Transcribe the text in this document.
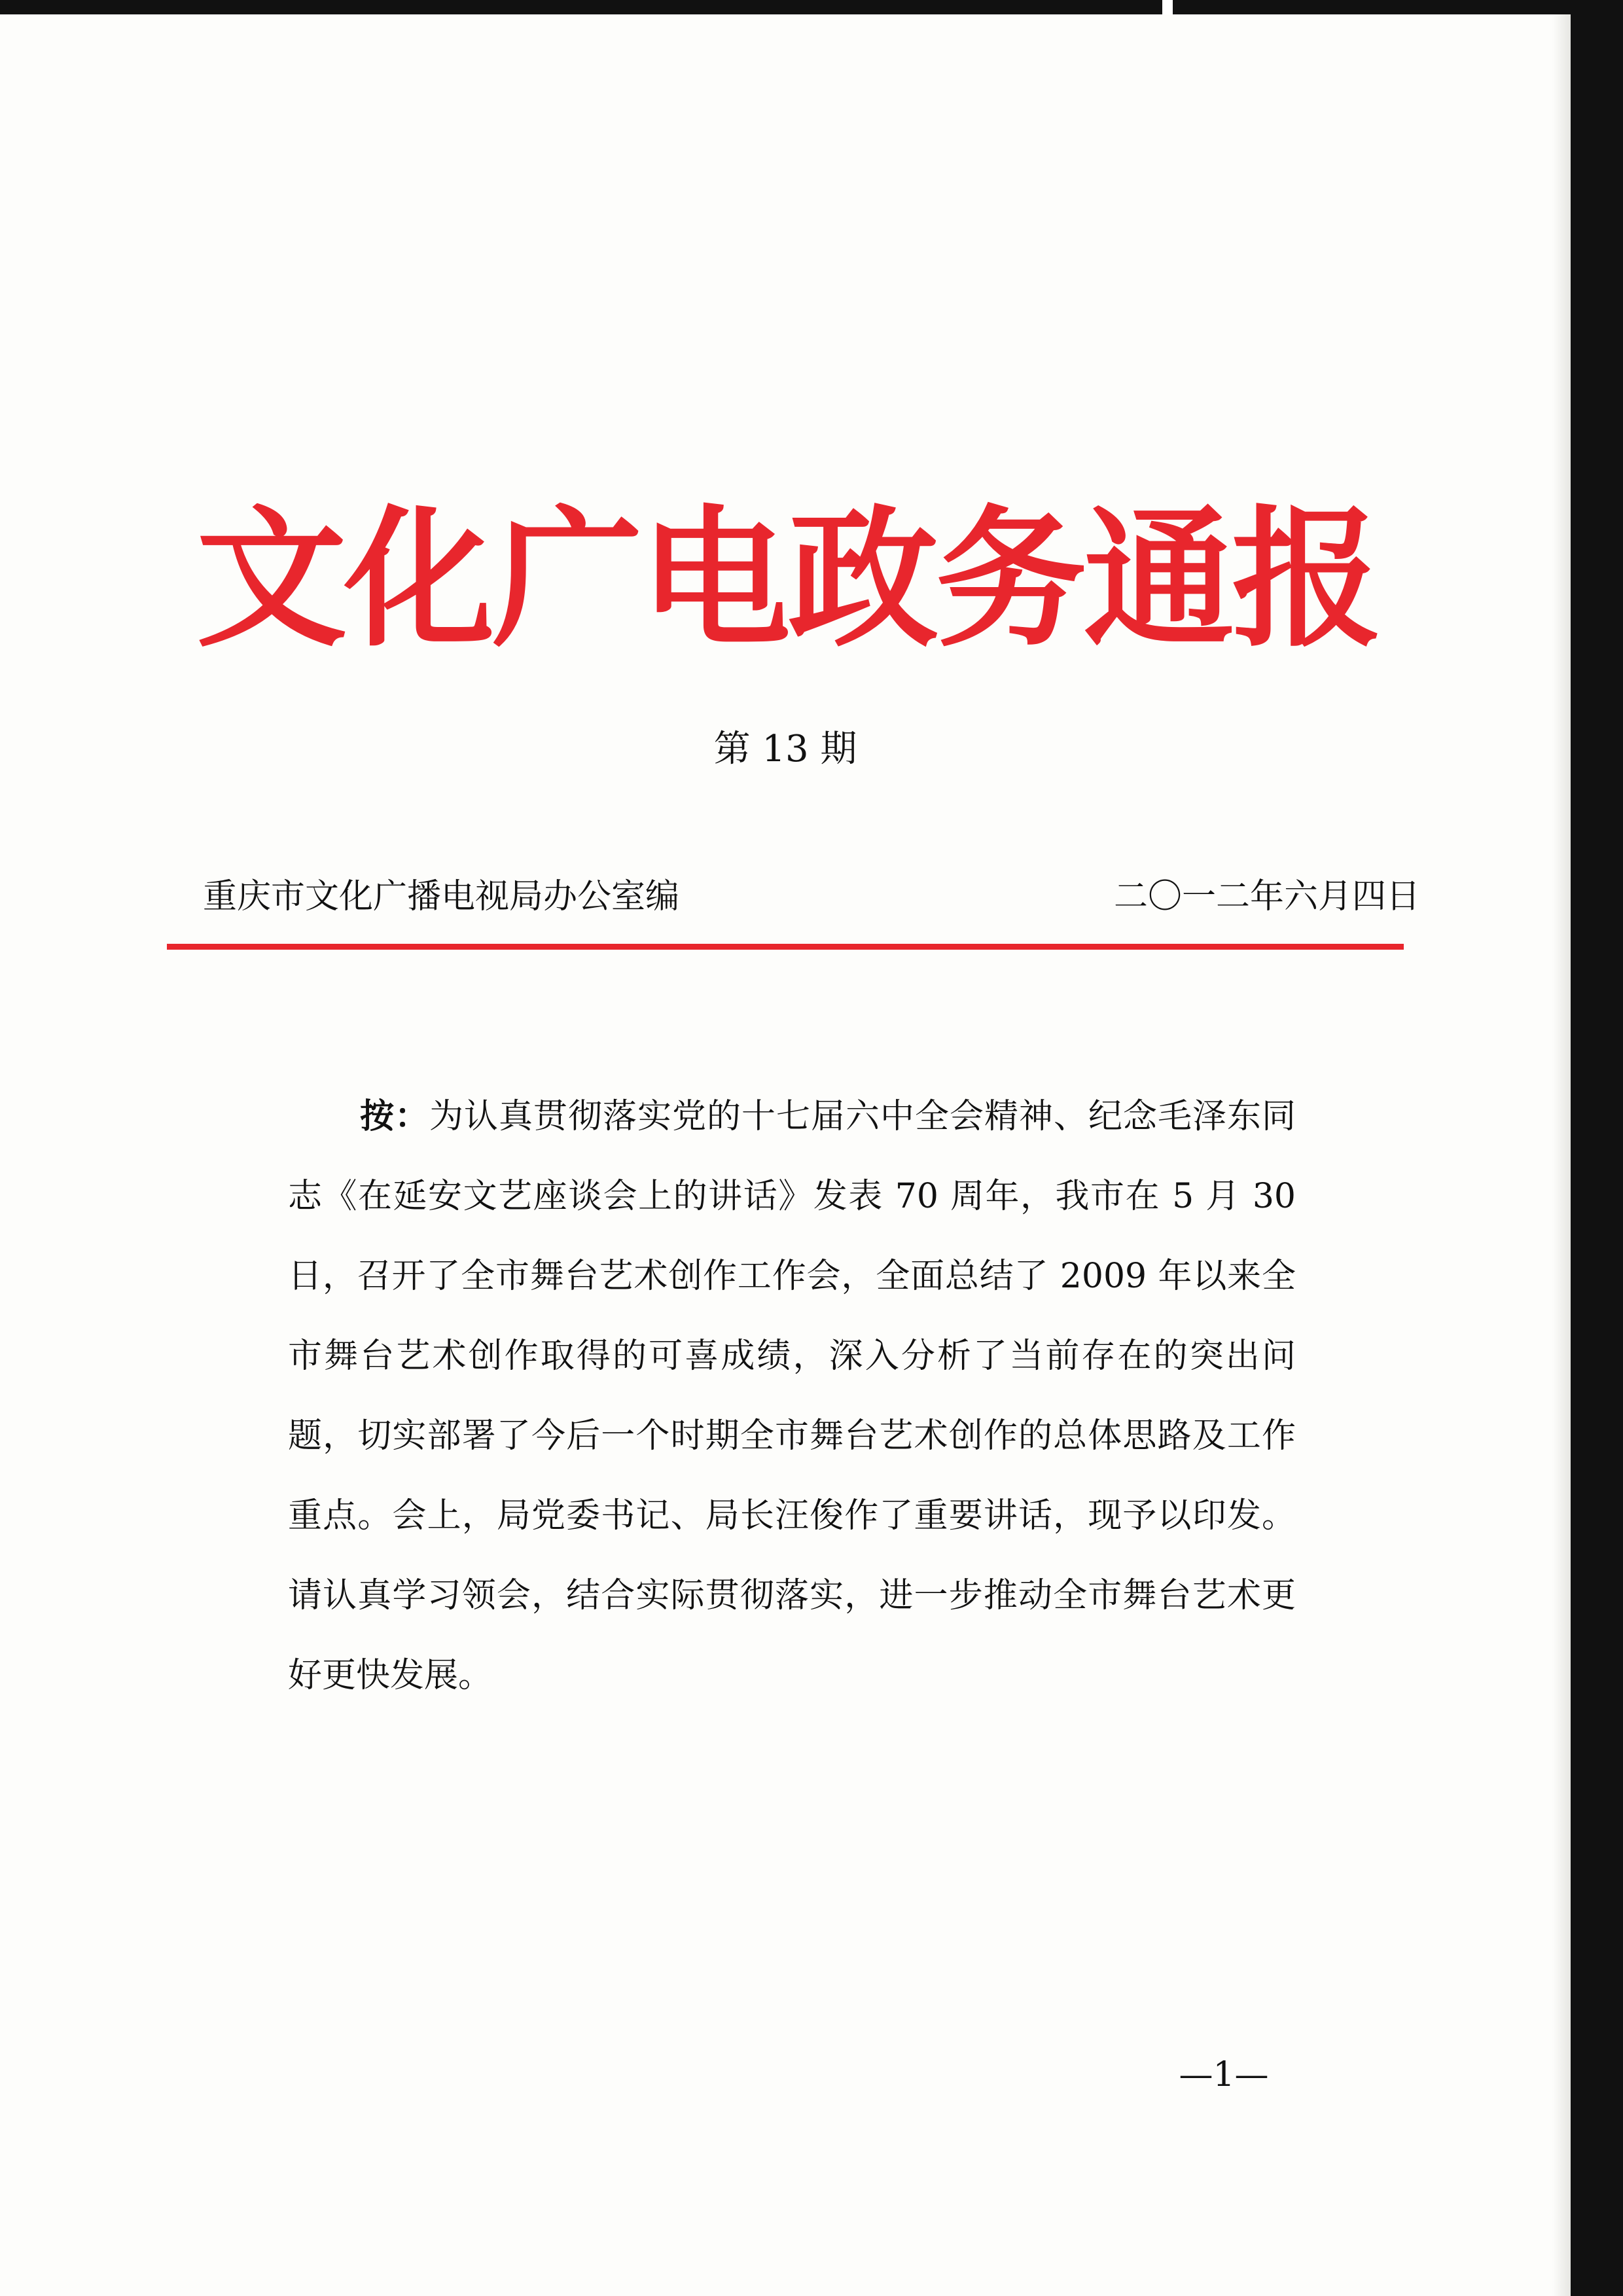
文化广电政务通报
第 13 期
重庆市文化广播电视局办公室编	二〇一二年六月四日
按：为认真贯彻落实党的十七届六中全会精神、纪念毛泽东同志《在延安文艺座谈会上的讲话》发表 70 周年，我市在 5 月 30 日，召开了全市舞台艺术创作工作会，全面总结了 2009 年以来全市舞台艺术创作取得的可喜成绩，深入分析了当前存在的突出问题，切实部署了今后一个时期全市舞台艺术创作的总体思路及工作重点。会上，局党委书记、局长汪俊作了重要讲话，现予以印发。请认真学习领会，结合实际贯彻落实，进一步推动全市舞台艺术更好更快发展。
—1—
